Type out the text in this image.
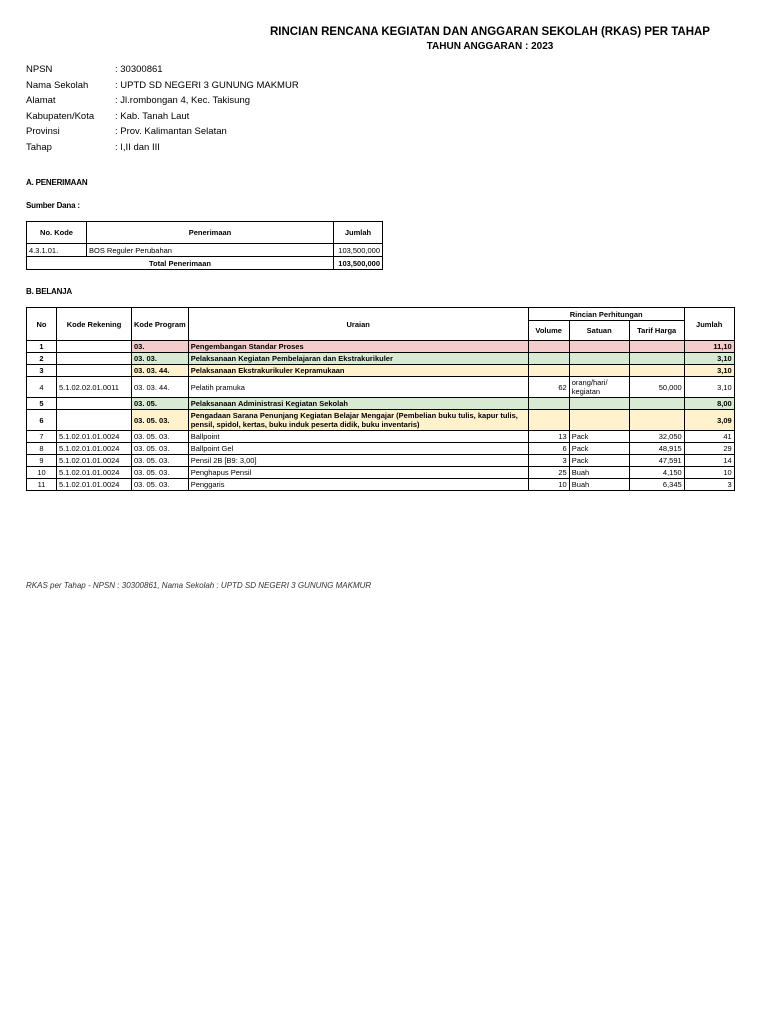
RINCIAN RENCANA KEGIATAN DAN ANGGARAN SEKOLAH (RKAS) PER TAHAP
TAHUN ANGGARAN : 2023
NPSN	: 30300861
Nama Sekolah	: UPTD SD NEGERI 3 GUNUNG MAKMUR
Alamat	: Jl.rombongan 4, Kec. Takisung
Kabupaten/Kota	: Kab. Tanah Laut
Provinsi	: Prov. Kalimantan Selatan
Tahap	: I,II dan III
A. PENERIMAAN
Sumber Dana :
No. Kode	Penerimaan	Jumlah
4.3.1.01.	BOS Reguler Perubahan	103,500,000
Total Penerimaan		103,500,000
B. BELANJA
No	Kode Rekening	Kode Program	Uraian	Rincian Perhitungan			Jumlah
				Volume	Satuan	Tarif Harga	
1		03.	Pengembangan Standar Proses				11,10
2		03. 03.	Pelaksanaan Kegiatan Pembelajaran dan Ekstrakurikuler				3,10
3		03. 03. 44.	Pelaksanaan Ekstrakurikuler Kepramukaan				3,10
4	5.1.02.02.01.0011	03. 03. 44.	Pelatih pramuka	62	orang/hari/ kegiatan	50,000	3,10
5		03. 05.	Pelaksanaan Administrasi Kegiatan Sekolah				8,00
6		03. 05. 03.	Pengadaan Sarana Penunjang Kegiatan Belajar Mengajar (Pembelian buku tulis, kapur tulis, pensil, spidol, kertas, buku induk peserta didik, buku inventaris)				3,09
7	5.1.02.01.01.0024	03. 05. 03.	Ballpoint	13	Pack	32,050	41
8	5.1.02.01.01.0024	03. 05. 03.	Ballpoint Gel	6	Pack	48,915	29
9	5.1.02.01.01.0024	03. 05. 03.	Pensil 2B [B9: 3,00]	3	Pack	47,591	14
10	5.1.02.01.01.0024	03. 05. 03.	Penghapus Pensil	25	Buah	4,150	10
11	5.1.02.01.01.0024	03. 05. 03.	Penggaris	10	Buah	6,345	3
RKAS per Tahap - NPSN : 30300861, Nama Sekolah : UPTD SD NEGERI 3 GUNUNG MAKMUR
